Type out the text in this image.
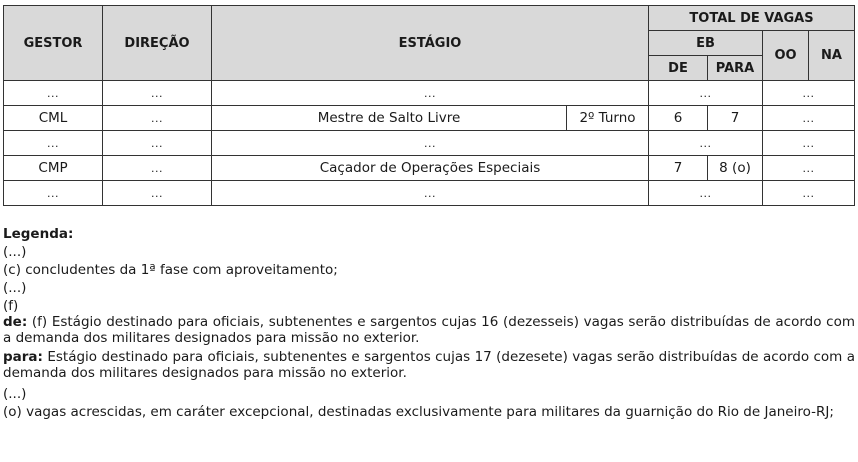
GESTOR	DIREÇÃO	ESTÁGIO		TOTAL DE VAGAS			
				EB		OO	NA
				DE	PARA		
...	...	...		...		...	
CML	...	Mestre de Salto Livre	2º Turno	6	7	...	
...	...	...		...		...	
CMP	...	Caçador de Operações Especiais		7	8 (o)	...	
...	...	...		...		...	
Legenda:
(...)
(c) concludentes da 1ª fase com aproveitamento;
(...)
(f)
de: (f) Estágio destinado para oficiais, subtenentes e sargentos cujas 16 (dezesseis) vagas serão distribuídas de acordo com a demanda dos militares designados para missão no exterior.
para: Estágio destinado para oficiais, subtenentes e sargentos cujas 17 (dezesete) vagas serão distribuídas de acordo com a demanda dos militares designados para missão no exterior.
(...)
(o) vagas acrescidas, em caráter excepcional, destinadas exclusivamente para militares da guarnição do Rio de Janeiro-RJ;
